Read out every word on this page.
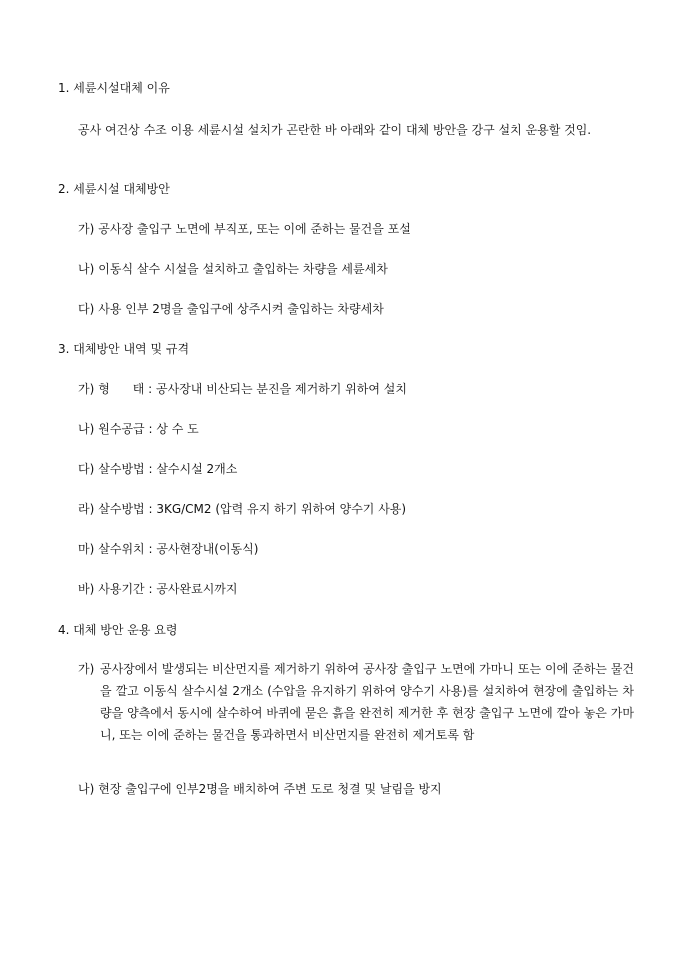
1. 세륜시설대체 이유
공사 여건상 수조 이용 세륜시설 설치가 곤란한 바 아래와 같이 대체 방안을 강구 설치 운용할 것임.
2. 세륜시설 대체방안
가) 공사장 출입구 노면에 부직포, 또는 이에 준하는 물건을 포설
나) 이동식 살수 시설을 설치하고 출입하는 차량을 세륜세차
다) 사용 인부 2명을 출입구에 상주시켜 출입하는 차량세차
3. 대체방안 내역 및 규격
가) 형      태 : 공사장내 비산되는 분진을 제거하기 위하여 설치
나) 원수공급 : 상 수 도
다) 살수방법 : 살수시설 2개소
라) 살수방법 : 3KG/CM2 (압력 유지 하기 위하여 양수기 사용)
마) 살수위치 : 공사현장내(이동식)
바) 사용기간 : 공사완료시까지
4. 대체 방안 운용 요령
가) 공사장에서 발생되는 비산먼지를 제거하기 위하여 공사장 출입구 노면에 가마니 또는 이에 준하는 물건을 깔고 이동식 살수시설 2개소 (수압을 유지하기 위하여 양수기 사용)를 설치하여 현장에 출입하는 차량을 양측에서 동시에 살수하여 바퀴에 묻은 흙을 완전히 제거한 후 현장 출입구 노면에 깔아 놓은 가마니, 또는 이에 준하는 물건을 통과하면서 비산먼지를 완전히 제거토록 함
나) 현장 출입구에 인부2명을 배치하여 주변 도로 청결 및 날림을 방지
